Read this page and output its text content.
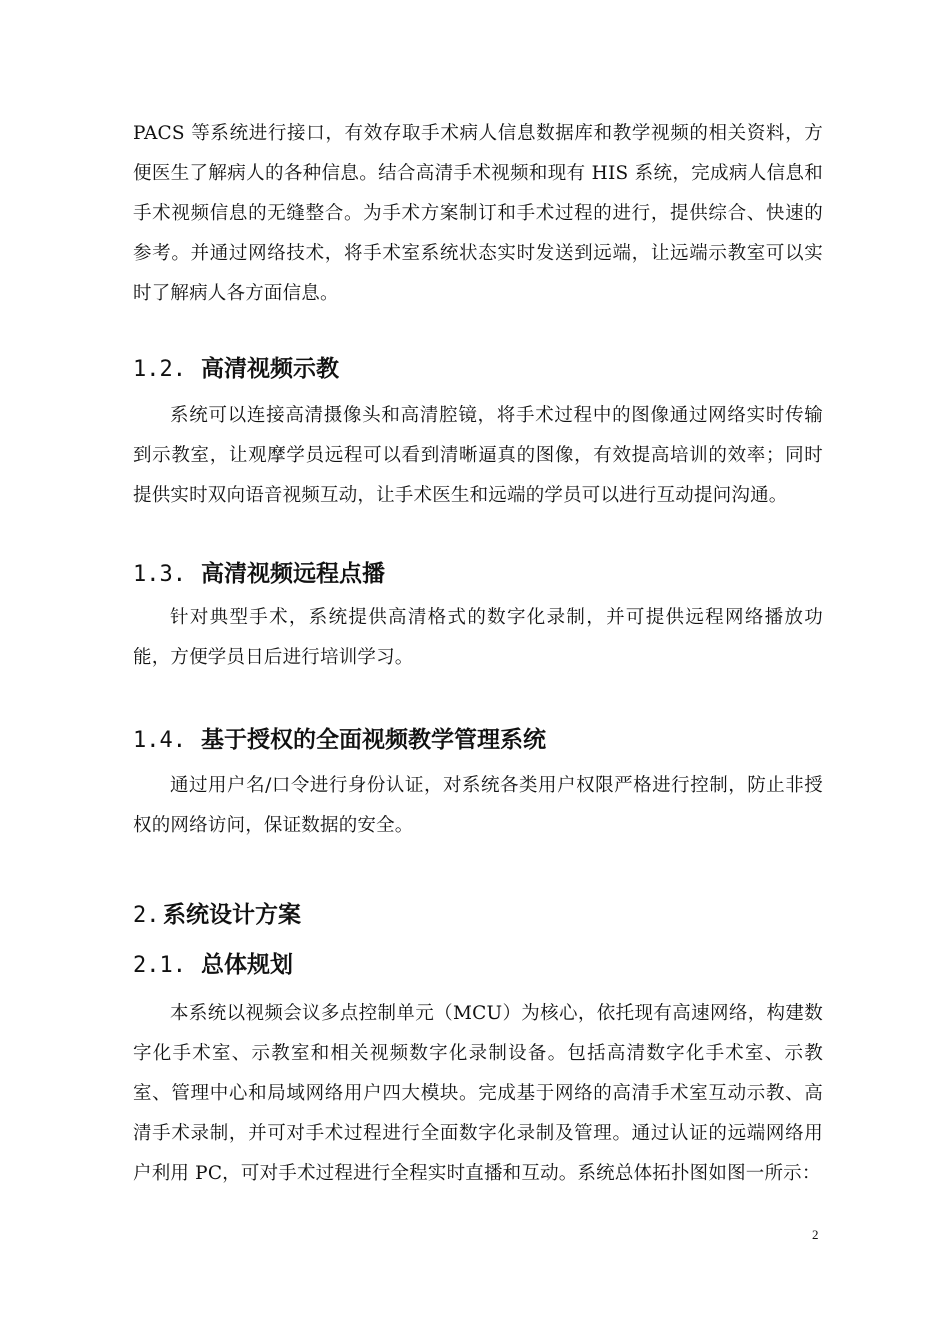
PACS 等系统进行接口，有效存取手术病人信息数据库和教学视频的相关资料，方便医生了解病人的各种信息。结合高清手术视频和现有 HIS 系统，完成病人信息和手术视频信息的无缝整合。为手术方案制订和手术过程的进行，提供综合、快速的参考。并通过网络技术，将手术室系统状态实时发送到远端，让远端示教室可以实时了解病人各方面信息。

1.2. 高清视频示教

系统可以连接高清摄像头和高清腔镜，将手术过程中的图像通过网络实时传输到示教室，让观摩学员远程可以看到清晰逼真的图像，有效提高培训的效率；同时提供实时双向语音视频互动，让手术医生和远端的学员可以进行互动提问沟通。

1.3. 高清视频远程点播

针对典型手术，系统提供高清格式的数字化录制，并可提供远程网络播放功能，方便学员日后进行培训学习。

1.4. 基于授权的全面视频教学管理系统

通过用户名/口令进行身份认证，对系统各类用户权限严格进行控制，防止非授权的网络访问，保证数据的安全。

2. 系统设计方案
2.1. 总体规划

本系统以视频会议多点控制单元（MCU）为核心，依托现有高速网络，构建数字化手术室、示教室和相关视频数字化录制设备。包括高清数字化手术室、示教室、管理中心和局域网络用户四大模块。完成基于网络的高清手术室互动示教、高清手术录制，并可对手术过程进行全面数字化录制及管理。通过认证的远端网络用户利用 PC，可对手术过程进行全程实时直播和互动。系统总体拓扑图如图一所示：

2
